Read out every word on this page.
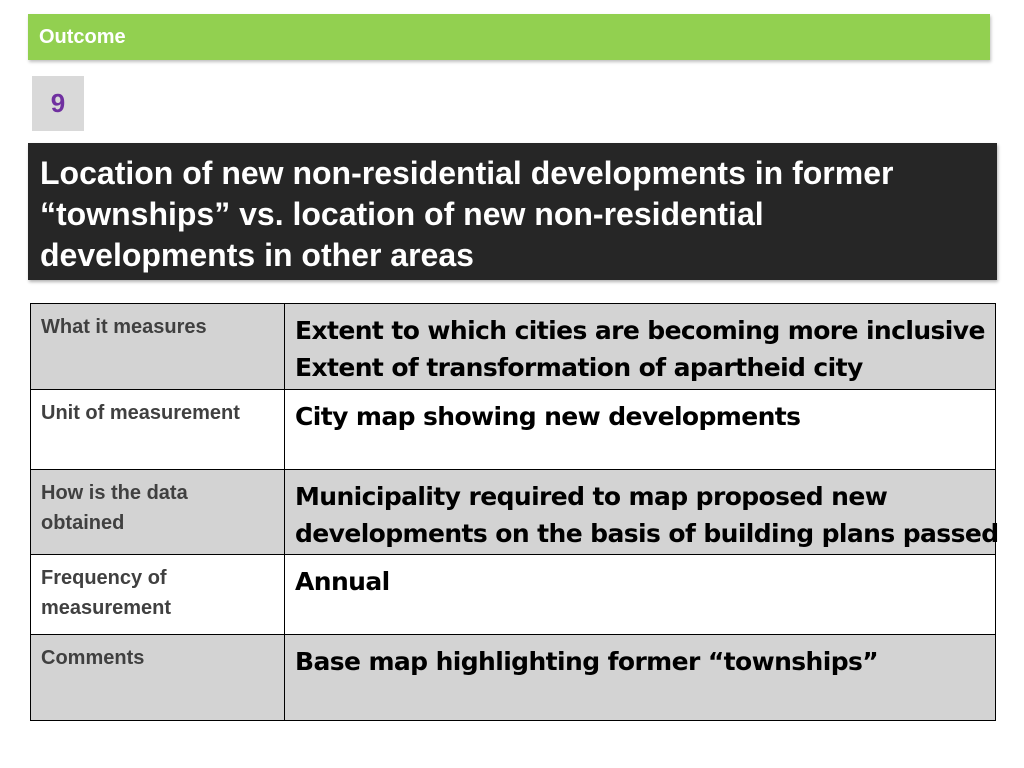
Outcome
9
Location of new non-residential developments in former
“townships” vs. location of new non-residential
developments in other areas
What it measures	Extent to which cities are becoming more inclusive
Extent of transformation of apartheid city

Unit of measurement	City map showing new developments

How is the data obtained	Municipality required to map proposed new
developments on the basis of building plans passed

Frequency of measurement	Annual

Comments	Base map highlighting former “townships”
